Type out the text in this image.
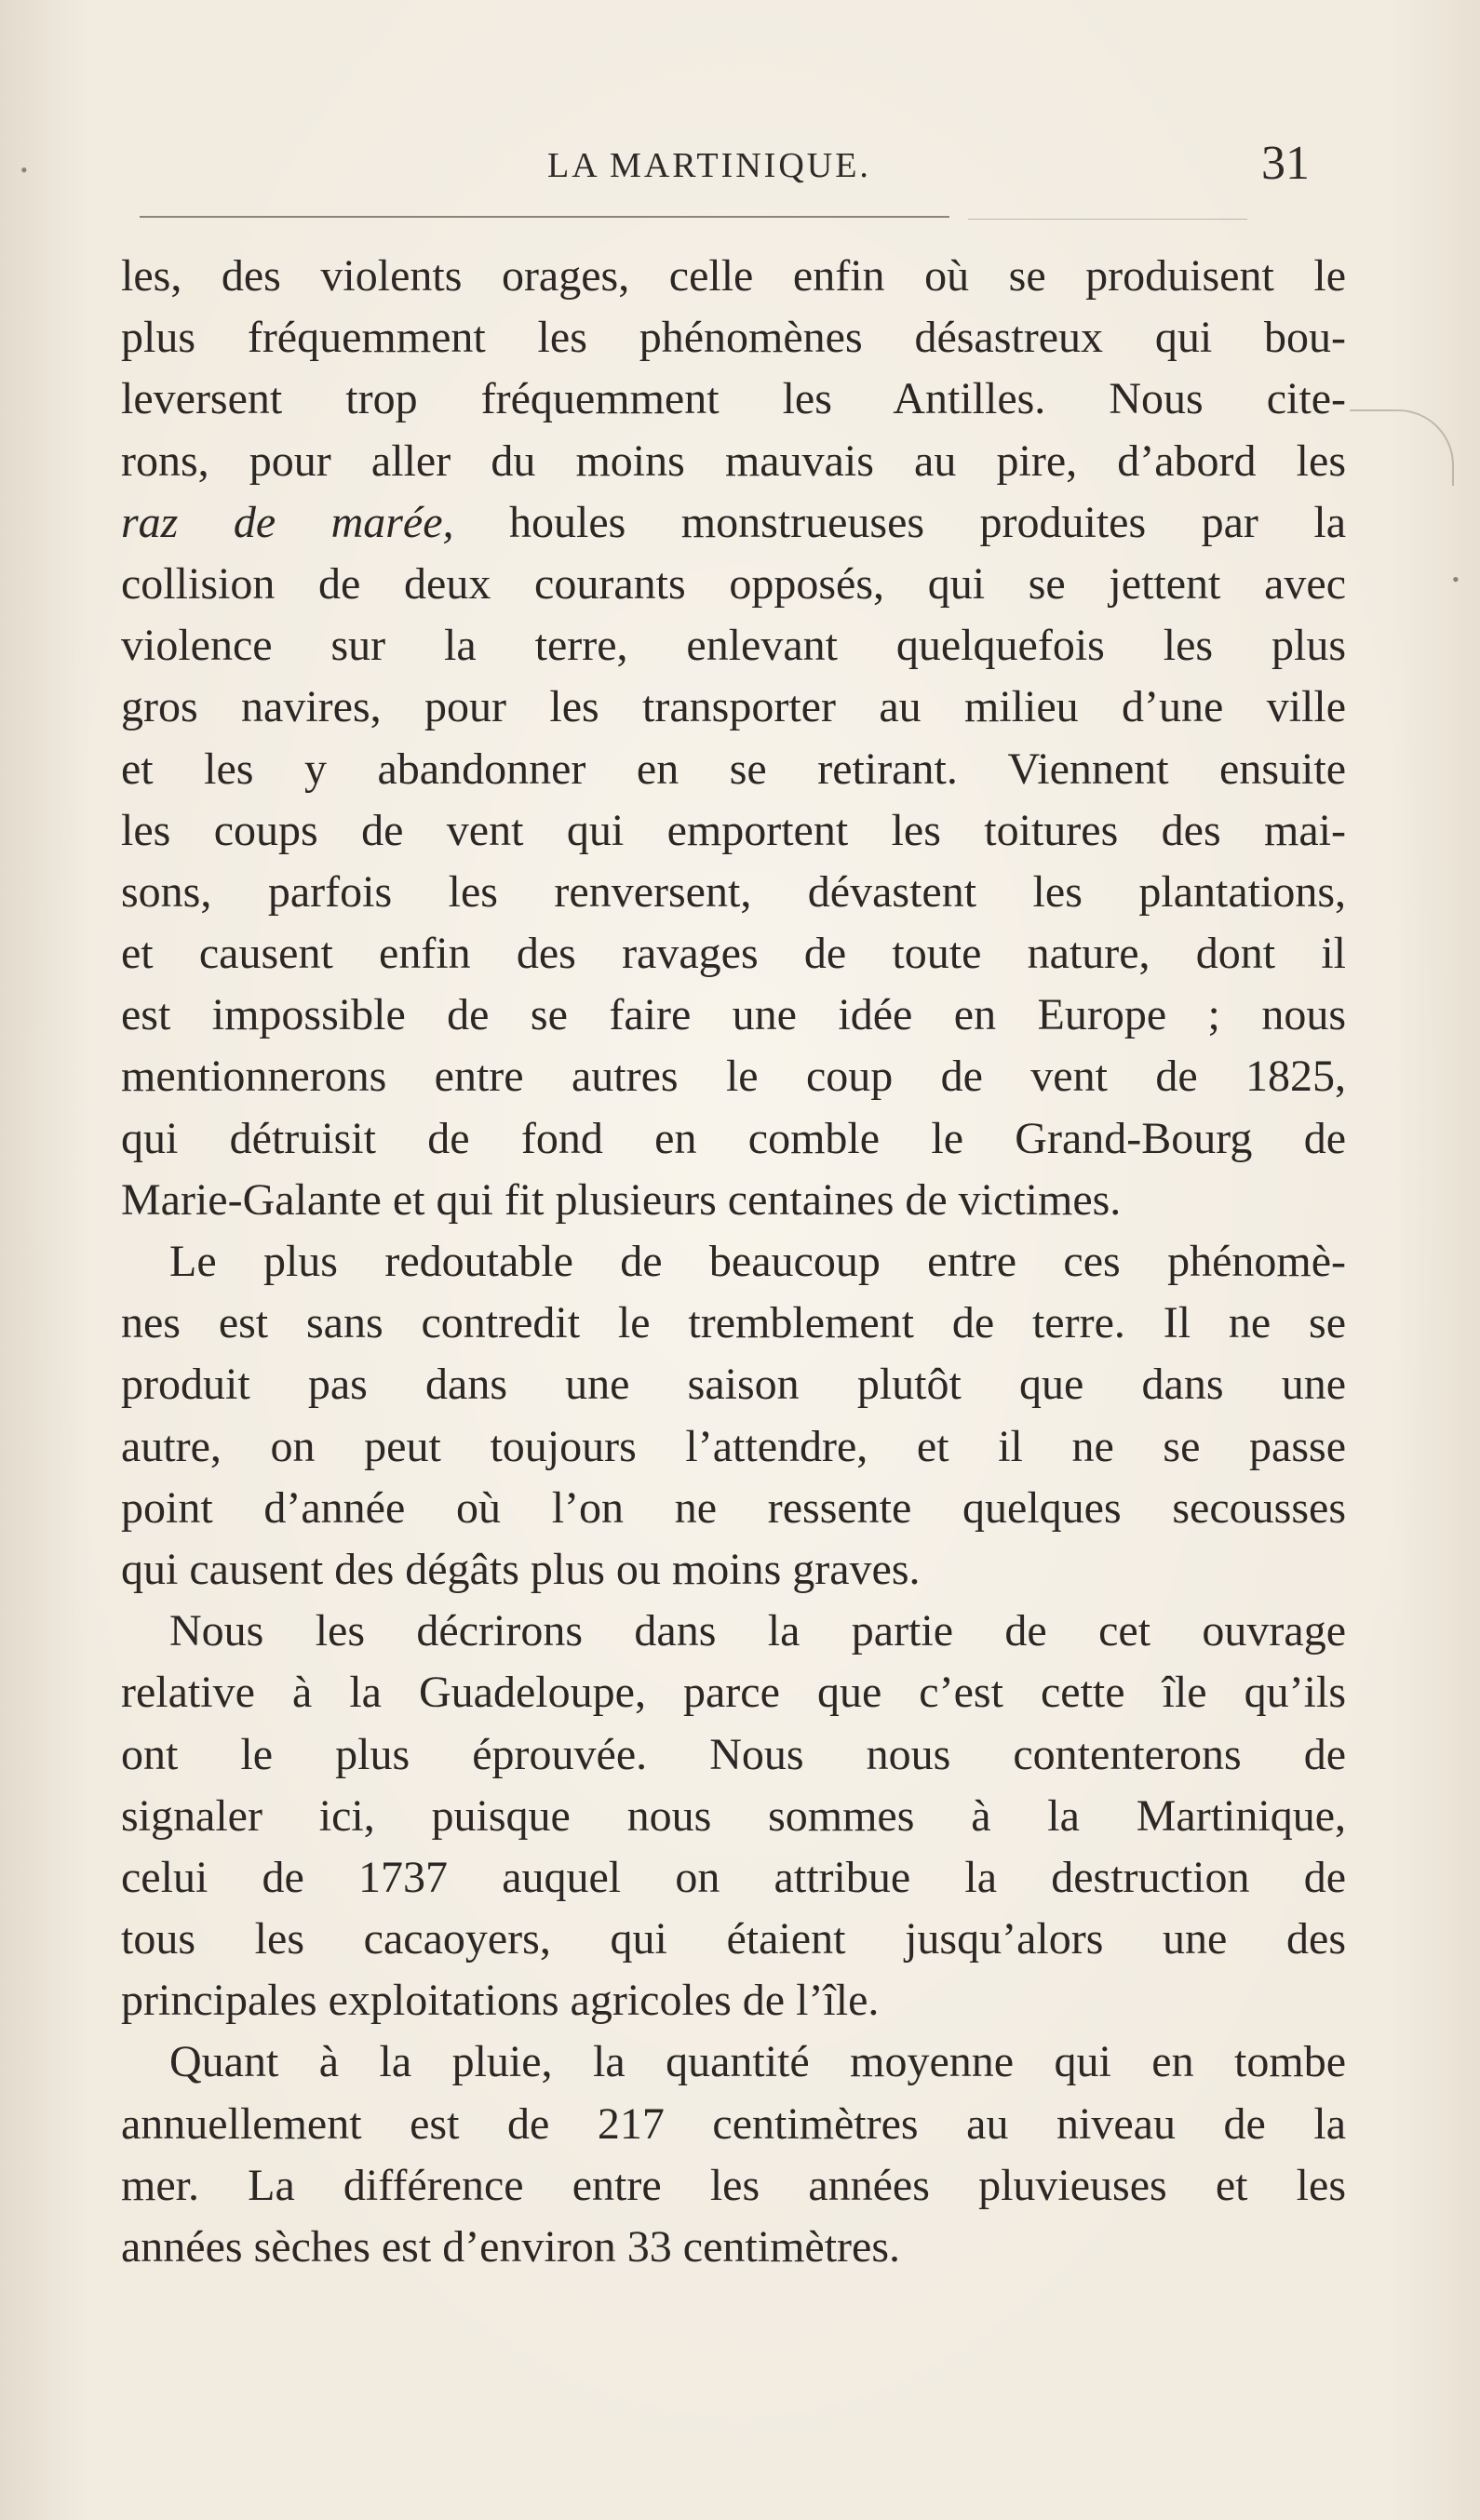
•
•
LA MARTINIQUE.	31
les, des violents orages, celle enfin où se produisent le
plus fréquemment les phénomènes désastreux qui bou-
leversent trop fréquemment les Antilles. Nous cite-
rons, pour aller du moins mauvais au pire, d’abord les
raz de marée, houles monstrueuses produites par la
collision de deux courants opposés, qui se jettent avec
violence sur la terre, enlevant quelquefois les plus
gros navires, pour les transporter au milieu d’une ville
et les y abandonner en se retirant. Viennent ensuite
les coups de vent qui emportent les toitures des mai-
sons, parfois les renversent, dévastent les plantations,
et causent enfin des ravages de toute nature, dont il
est impossible de se faire une idée en Europe ; nous
mentionnerons entre autres le coup de vent de 1825,
qui détruisit de fond en comble le Grand-Bourg de
Marie-Galante et qui fit plusieurs centaines de victimes.
Le plus redoutable de beaucoup entre ces phénomè-
nes est sans contredit le tremblement de terre. Il ne se
produit pas dans une saison plutôt que dans une
autre, on peut toujours l’attendre, et il ne se passe
point d’année où l’on ne ressente quelques secousses
qui causent des dégâts plus ou moins graves.
Nous les décrirons dans la partie de cet ouvrage
relative à la Guadeloupe, parce que c’est cette île qu’ils
ont le plus éprouvée. Nous nous contenterons de
signaler ici, puisque nous sommes à la Martinique,
celui de 1737 auquel on attribue la destruction de
tous les cacaoyers, qui étaient jusqu’alors une des
principales exploitations agricoles de l’île.
Quant à la pluie, la quantité moyenne qui en tombe
annuellement est de 217 centimètres au niveau de la
mer. La différence entre les années pluvieuses et les
années sèches est d’environ 33 centimètres.
